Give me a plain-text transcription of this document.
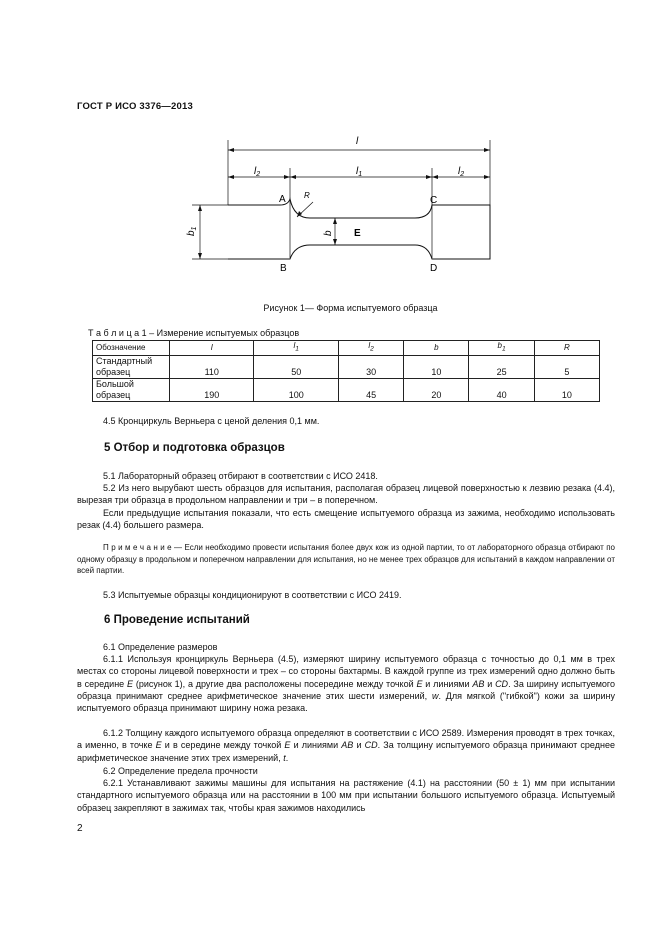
ГОСТ Р ИСО 3376—2013
l
$l_2$	$l_1$	$l_2$
$b_1$
b
R
A
B
C
D
E
Рисунок 1— Форма испытуемого образца
Т а б л и ц а 1 – Измерение испытуемых образцов
Обозначение	l	$l_1$	$l_2$	b	$b_1$	R
Стандартный
образец	110	50	30	10	25	5
Большой
образец	190	100	45	20	40	10
4.5 Кронциркуль Верньера с ценой деления 0,1 мм.
5 Отбор и подготовка образцов
5.1 Лабораторный образец отбирают в соответствии с ИСО 2418.
5.2 Из него вырубают шесть образцов для испытания, располагая образец лицевой поверхностью к лезвию резака (4.4), вырезая три образца в продольном направлении и три – в поперечном.
Если предыдущие испытания показали, что есть смещение испытуемого образца из зажима, необходимо использовать резак (4.4) большего размера.
П р и м е ч а н и е — Если необходимо провести испытания более двух кож из одной партии, то от лабораторного образца отбирают по одному образцу в продольном и поперечном направлении для испытания, но не менее трех образцов для испытаний в каждом направлении от всей партии.
5.3 Испытуемые образцы кондиционируют в соответствии с ИСО 2419.
6 Проведение испытаний
6.1 Определение размеров
6.1.1 Используя кронциркуль Верньера (4.5), измеряют ширину испытуемого образца с точностью до 0,1 мм в трех местах со стороны лицевой поверхности и трех – со стороны бахтармы. В каждой группе из трех измерений одно должно быть в середине E (рисунок 1), а другие два расположены посередине между точкой E и линиями AB и CD. За ширину испытуемого образца принимают среднее арифметическое значение этих шести измерений, w. Для мягкой ("гибкой") кожи за ширину испытуемого образца принимают ширину ножа резака.
6.1.2 Толщину каждого испытуемого образца определяют в соответствии с ИСО 2589. Измерения проводят в трех точках, а именно, в точке E и в середине между точкой E и линиями AB и CD. За толщину испытуемого образца принимают среднее арифметическое значение этих трех измерений, t.
6.2 Определение предела прочности
6.2.1 Устанавливают зажимы машины для испытания на растяжение (4.1) на расстоянии (50 ± 1) мм при испытании стандартного испытуемого образца или на расстоянии в 100 мм при испытании большого испытуемого образца. Испытуемый образец закрепляют в зажимах так, чтобы края зажимов находились
2
